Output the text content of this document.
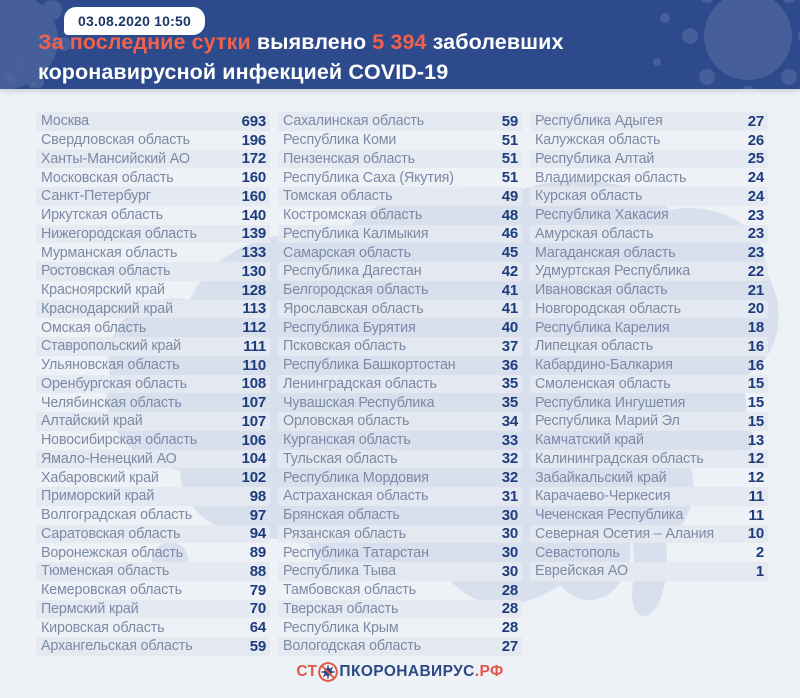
03.08.2020 10:50
За последние сутки выявлено 5 394 заболевших
коронавирусной инфекцией COVID-19
Москва	693
Свердловская область	196
Ханты-Мансийский АО	172
Московская область	160
Санкт-Петербург	160
Иркутская область	140
Нижегородская область	139
Мурманская область	133
Ростовская область	130
Красноярский край	128
Краснодарский край	113
Омская область	112
Ставропольский край	111
Ульяновская область	110
Оренбургская область	108
Челябинская область	107
Алтайский край	107
Новосибирская область	106
Ямало-Ненецкий АО	104
Хабаровский край	102
Приморский край	98
Волгоградская область	97
Саратовская область	94
Воронежская область	89
Тюменская область	88
Кемеровская область	79
Пермский край	70
Кировская область	64
Архангельская область	59
Сахалинская область	59
Республика Коми	51
Пензенская область	51
Республика Саха (Якутия)	51
Томская область	49
Костромская область	48
Республика Калмыкия	46
Самарская область	45
Республика Дагестан	42
Белгородская область	41
Ярославская область	41
Республика Бурятия	40
Псковская область	37
Республика Башкортостан	36
Ленинградская область	35
Чувашская Республика	35
Орловская область	34
Курганская область	33
Тульская область	32
Республика Мордовия	32
Астраханская область	31
Брянская область	30
Рязанская область	30
Республика Татарстан	30
Республика Тыва	30
Тамбовская область	28
Тверская область	28
Республика Крым	28
Вологодская область	27
Республика Адыгея	27
Калужская область	26
Республика Алтай	25
Владимирская область	24
Курская область	24
Республика Хакасия	23
Амурская область	23
Магаданская область	23
Удмуртская Республика	22
Ивановская область	21
Новгородская область	20
Республика Карелия	18
Липецкая область	16
Кабардино-Балкария	16
Смоленская область	15
Республика Ингушетия	15
Республика Марий Эл	15
Камчатский край	13
Калининградская область	12
Забайкальский край	12
Карачаево-Черкесия	11
Чеченская Республика	11
Северная Осетия – Алания 10
Севастополь	2
Еврейская АО	1
СТ ПКОРОНАВИРУС .РФ
